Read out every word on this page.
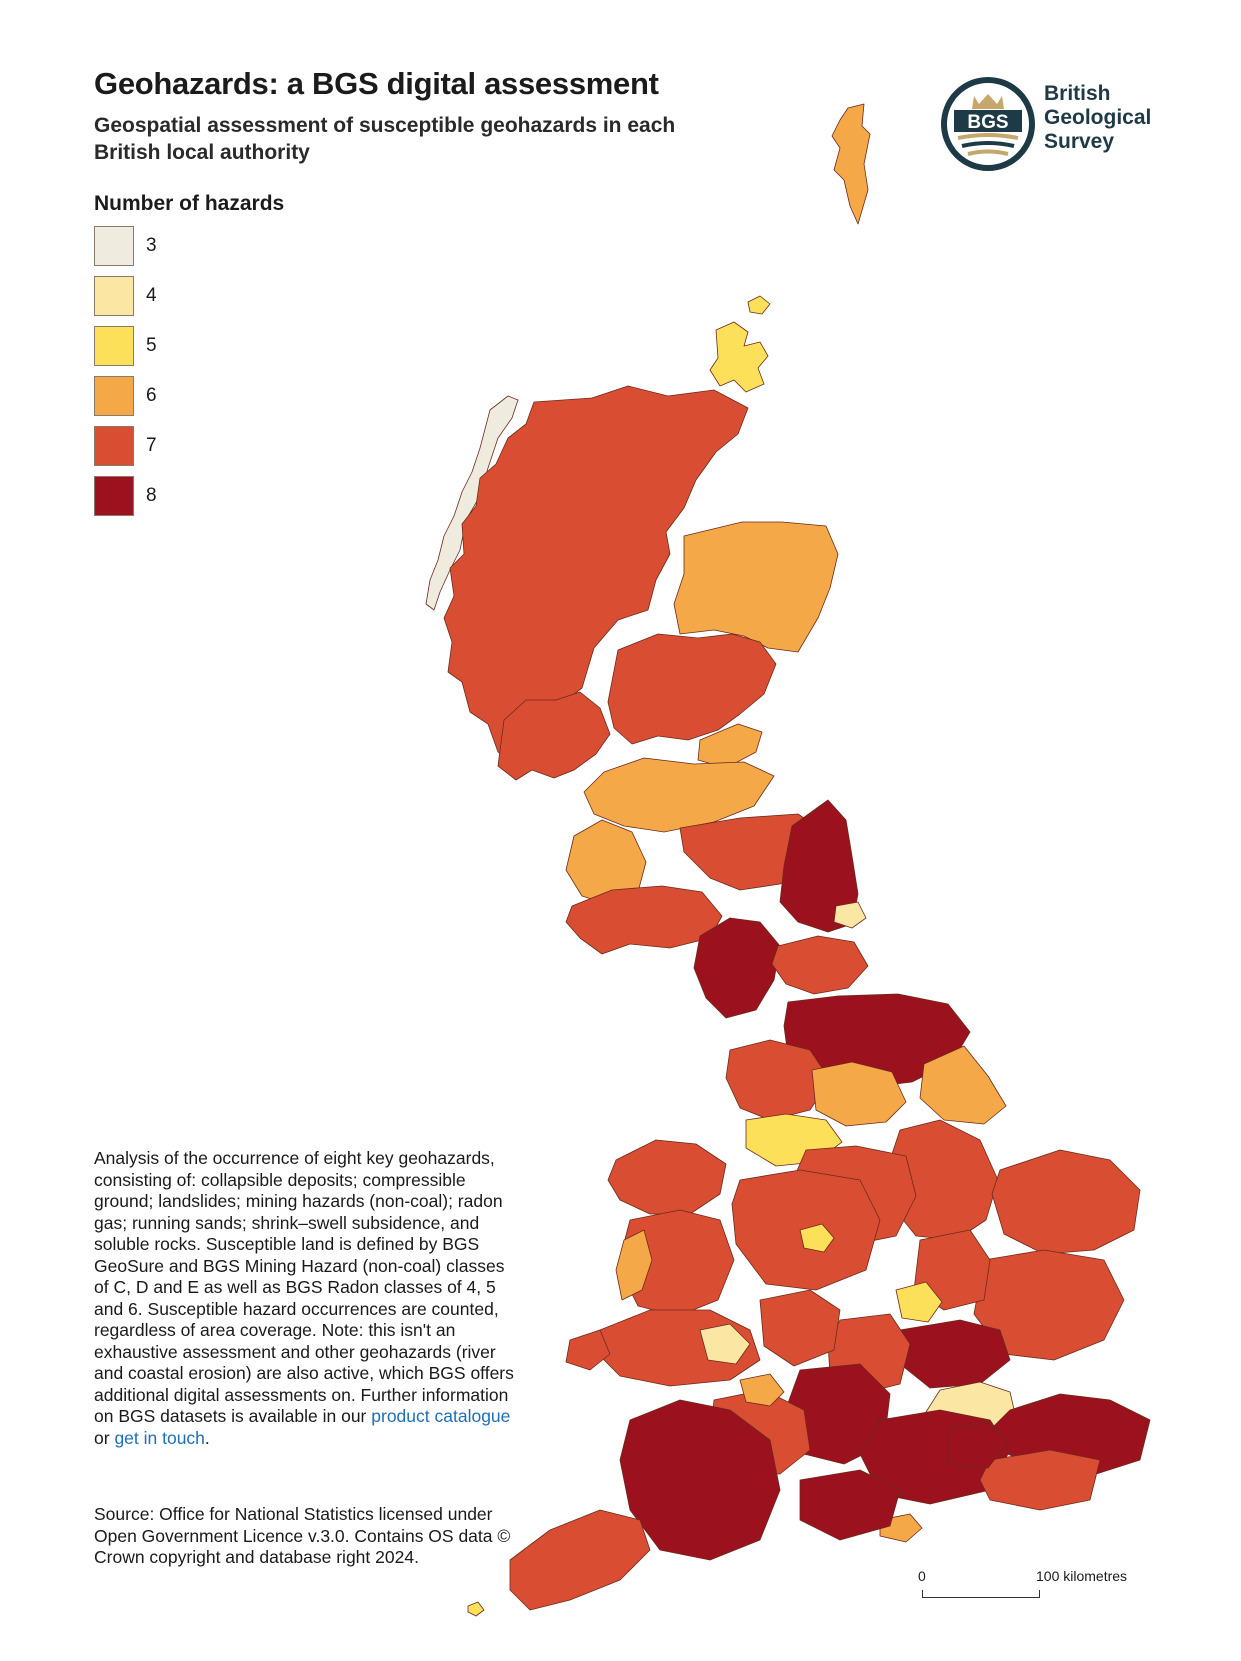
Geohazards: a BGS digital assessment
Geospatial assessment of susceptible geohazards in each British local authority
BGS
British
Geological
Survey
Number of hazards
3
4
5
6
7
8
Analysis of the occurrence of eight key geohazards, consisting of: collapsible deposits; compressible ground; landslides; mining hazards (non-coal); radon gas; running sands; shrink–swell subsidence, and soluble rocks. Susceptible land is defined by BGS GeoSure and BGS Mining Hazard (non-coal) classes of C, D and E as well as BGS Radon classes of 4, 5 and 6. Susceptible hazard occurrences are counted, regardless of area coverage. Note: this isn't an exhaustive assessment and other geohazards (river and coastal erosion) are also active, which BGS offers additional digital assessments on. Further information on BGS datasets is available in our product catalogue or get in touch.
Source: Office for National Statistics licensed under Open Government Licence v.3.0. Contains OS data © Crown copyright and database right 2024.
0	100 kilometres
